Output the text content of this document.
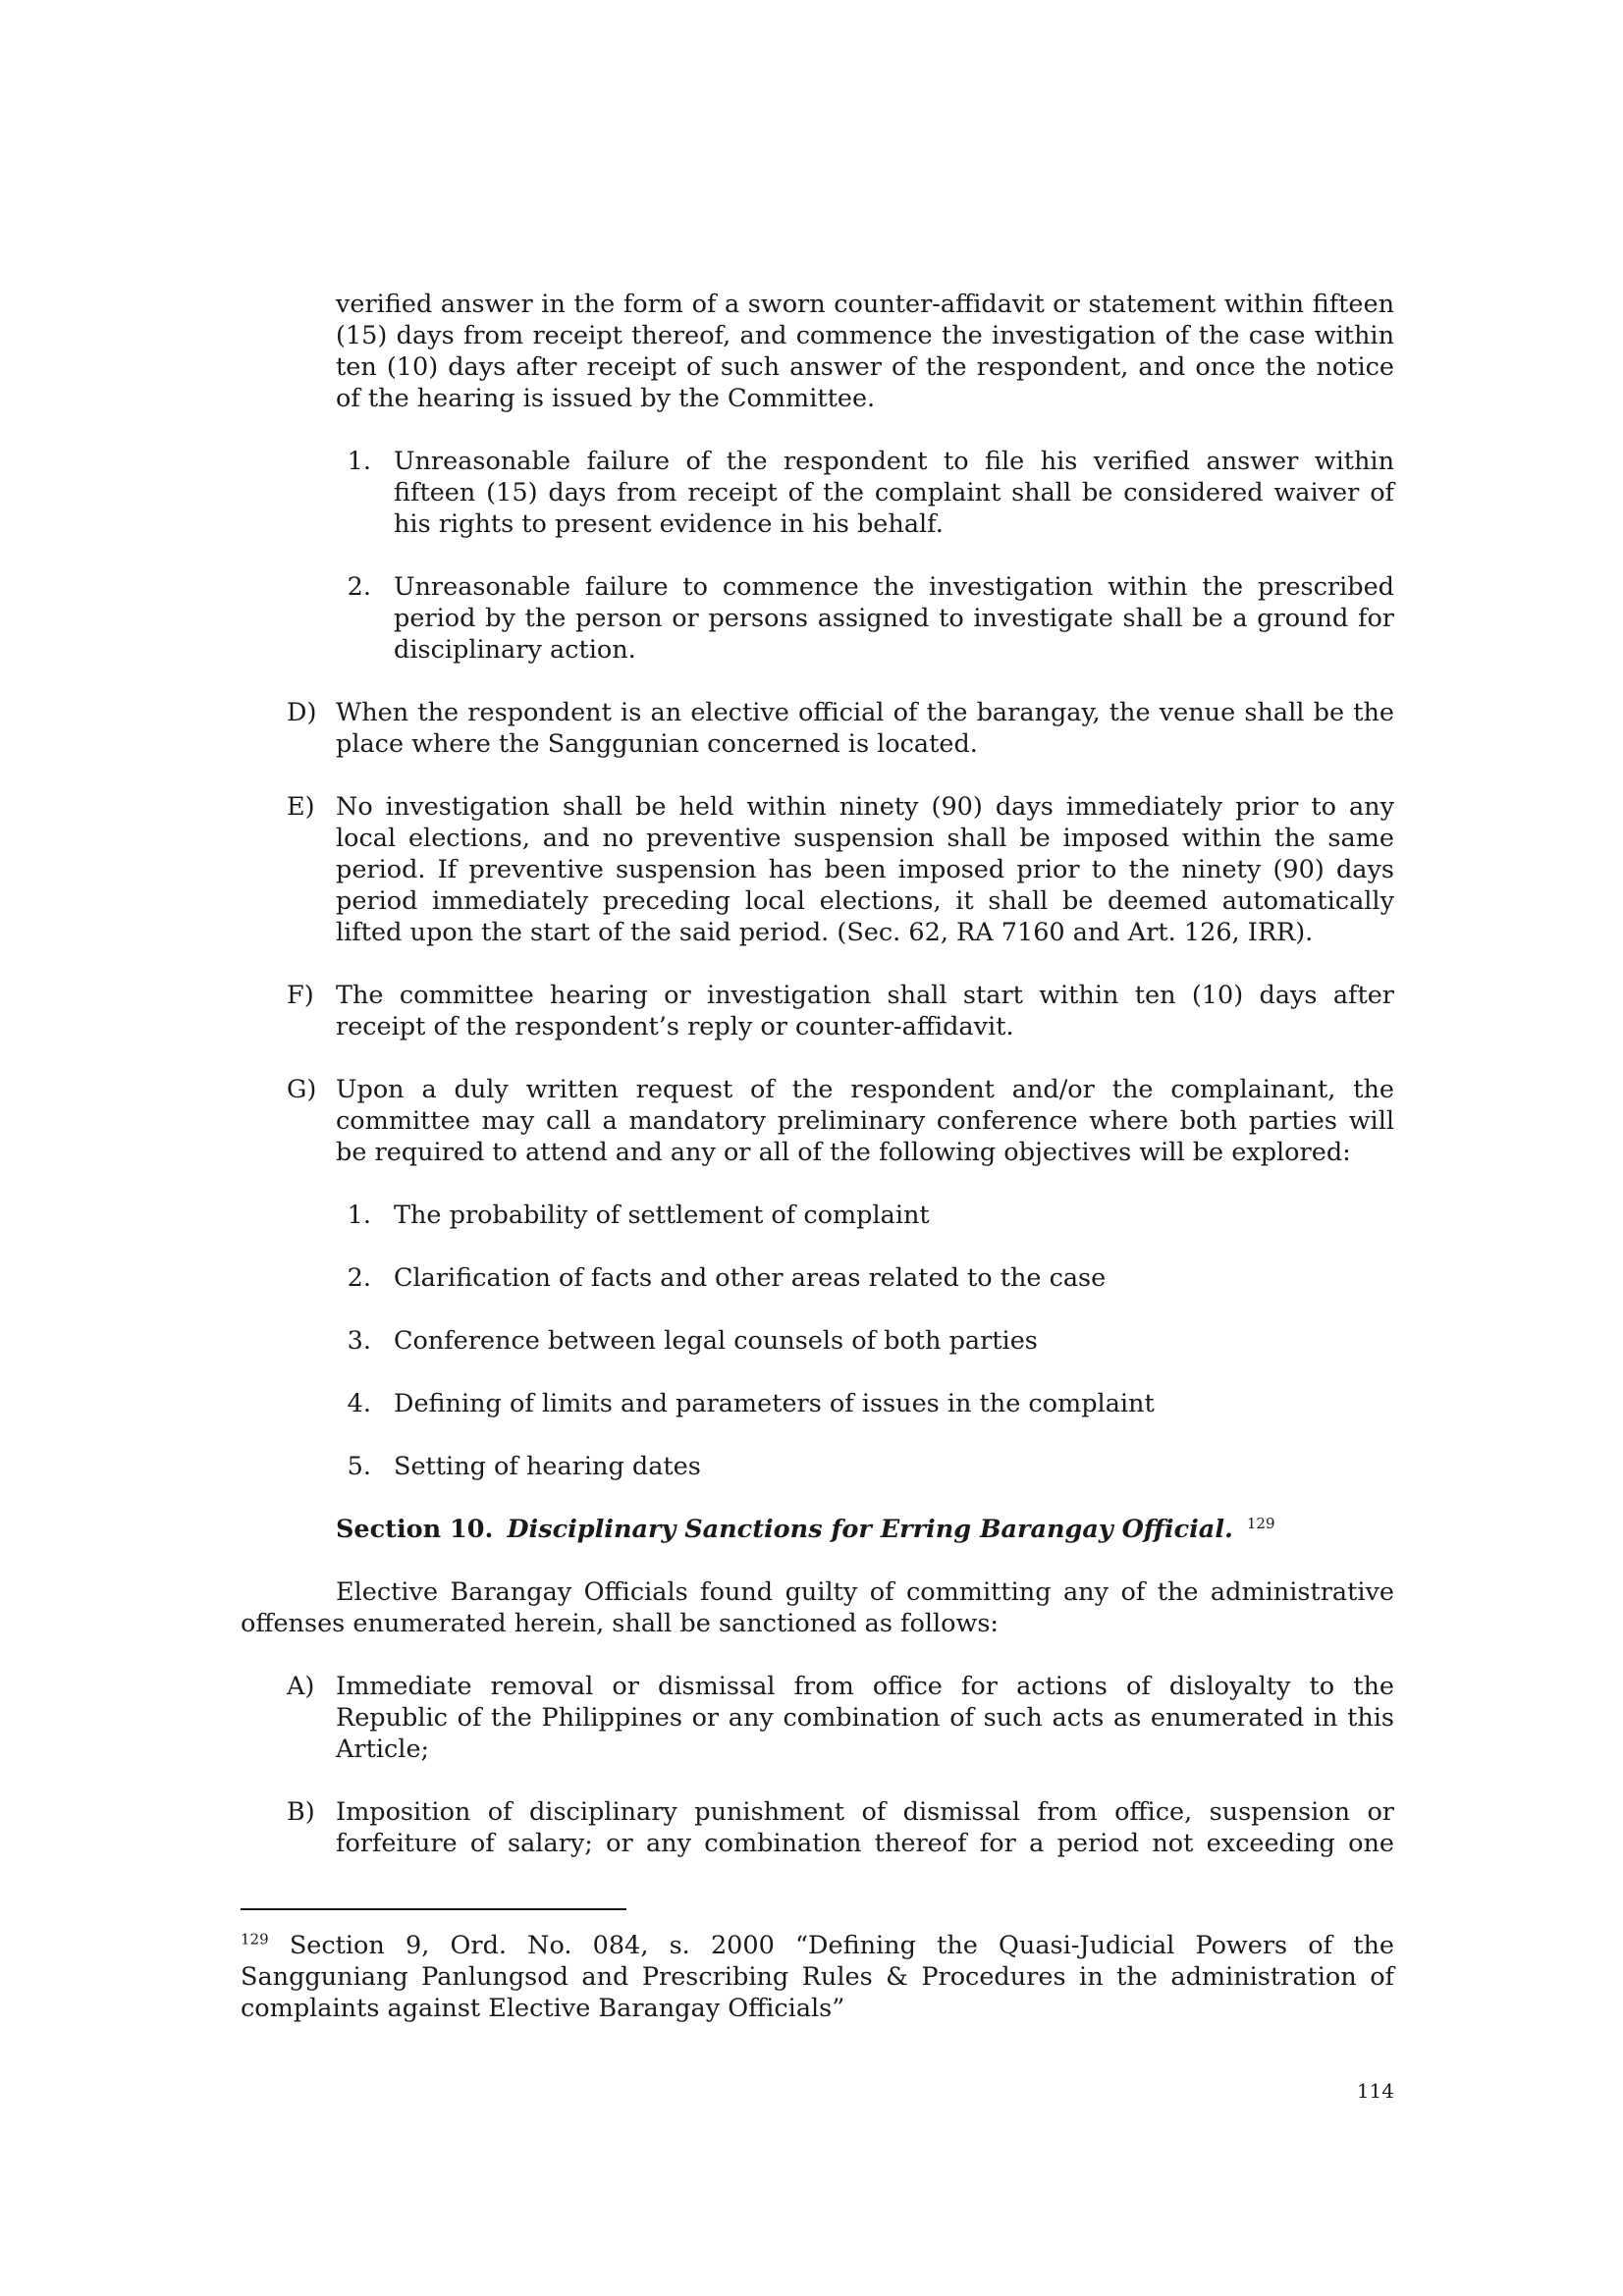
verified answer in the form of a sworn counter-affidavit or statement within fifteen (15) days from receipt thereof, and commence the investigation of the case within ten (10) days after receipt of such answer of the respondent, and once the notice of the hearing is issued by the Committee.
1. Unreasonable failure of the respondent to file his verified answer within fifteen (15) days from receipt of the complaint shall be considered waiver of his rights to present evidence in his behalf.
2. Unreasonable failure to commence the investigation within the prescribed period by the person or persons assigned to investigate shall be a ground for disciplinary action.
D) When the respondent is an elective official of the barangay, the venue shall be the place where the Sanggunian concerned is located.
E) No investigation shall be held within ninety (90) days immediately prior to any local elections, and no preventive suspension shall be imposed within the same period. If preventive suspension has been imposed prior to the ninety (90) days period immediately preceding local elections, it shall be deemed automatically lifted upon the start of the said period. (Sec. 62, RA 7160 and Art. 126, IRR).
F) The committee hearing or investigation shall start within ten (10) days after receipt of the respondent’s reply or counter-affidavit.
G) Upon a duly written request of the respondent and/or the complainant, the committee may call a mandatory preliminary conference where both parties will be required to attend and any or all of the following objectives will be explored:
1. The probability of settlement of complaint
2. Clarification of facts and other areas related to the case
3. Conference between legal counsels of both parties
4. Defining of limits and parameters of issues in the complaint
5. Setting of hearing dates
Section 10. Disciplinary Sanctions for Erring Barangay Official. $^{129}$
Elective Barangay Officials found guilty of committing any of the administrative offenses enumerated herein, shall be sanctioned as follows:
A) Immediate removal or dismissal from office for actions of disloyalty to the Republic of the Philippines or any combination of such acts as enumerated in this Article;
B) Imposition of disciplinary punishment of dismissal from office, suspension or forfeiture of salary; or any combination thereof for a period not exceeding one
$^{129}$ Section 9, Ord. No. 084, s. 2000 “Defining the Quasi-Judicial Powers of the Sangguniang Panlungsod and Prescribing Rules & Procedures in the administration of complaints against Elective Barangay Officials”
114
